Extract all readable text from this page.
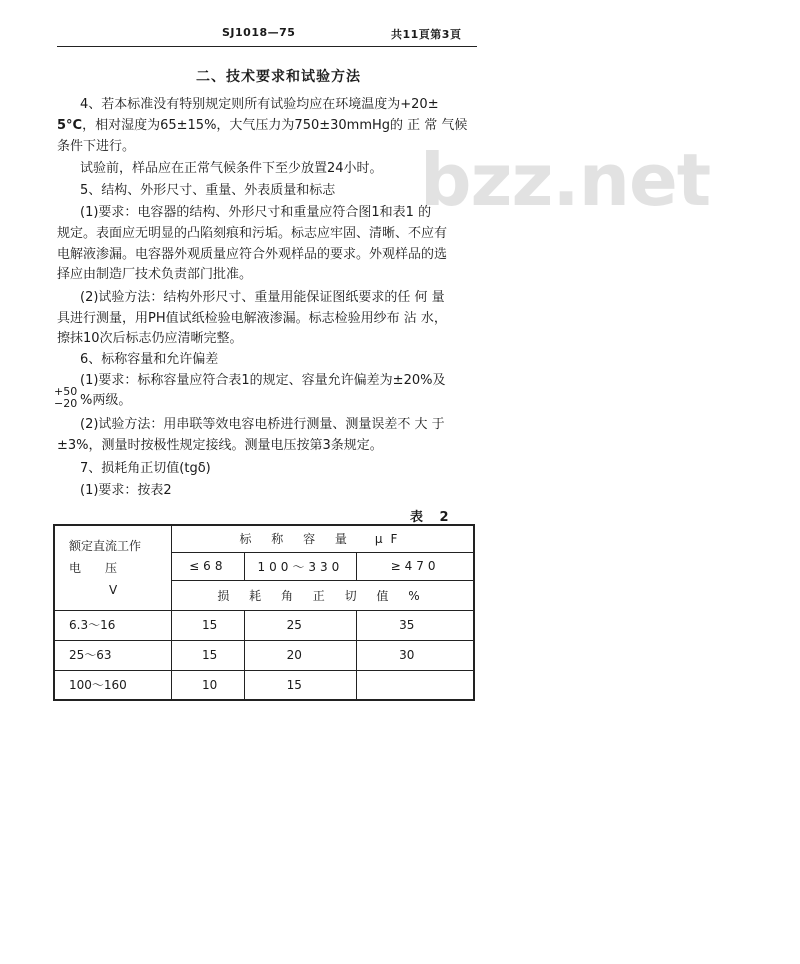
SJ1018—75	共11頁第3頁
bzz.net
二、技术要求和试验方法
4、若本标准没有特别规定则所有试验均应在环境温度为+20±
5°C，相对湿度为65±15%，大气压力为750±30mmHg的 正 常 气候
条件下进行。
试验前，样品应在正常气候条件下至少放置24小时。
5、结构、外形尺寸、重量、外表质量和标志
(1)要求：电容器的结构、外形尺寸和重量应符合图1和表1 的
规定。表面应无明显的凸陷刻痕和污垢。标志应牢固、清晰、不应有
电解液渗漏。电容器外观质量应符合外观样品的要求。外观样品的选
择应由制造厂技术负责部门批准。
(2)试验方法：结构外形尺寸、重量用能保证图纸要求的任 何 量
具进行测量，用PH值试纸检验电解液渗漏。标志检验用纱布 沾 水，
擦抹10次后标志仍应清晰完整。
6、标称容量和允许偏差
(1)要求：标称容量应符合表1的规定、容量允许偏差为±20%及
+50
−20 %两级。
(2)试验方法：用串联等效电容电桥进行测量、测量误差不 大 于
±3%，测量时按极性规定接线。测量电压按第3条规定。
7、损耗角正切值(tgδ)
(1)要求：按表2
表 2
额定直流工作
电　　压
V	标 称 容 量　μF		
	≤68	100～330	≥470
	损 耗 角 正 切 值 %		
6.3～16	15	25	35
25～63	15	20	30
100～160	10	15	
